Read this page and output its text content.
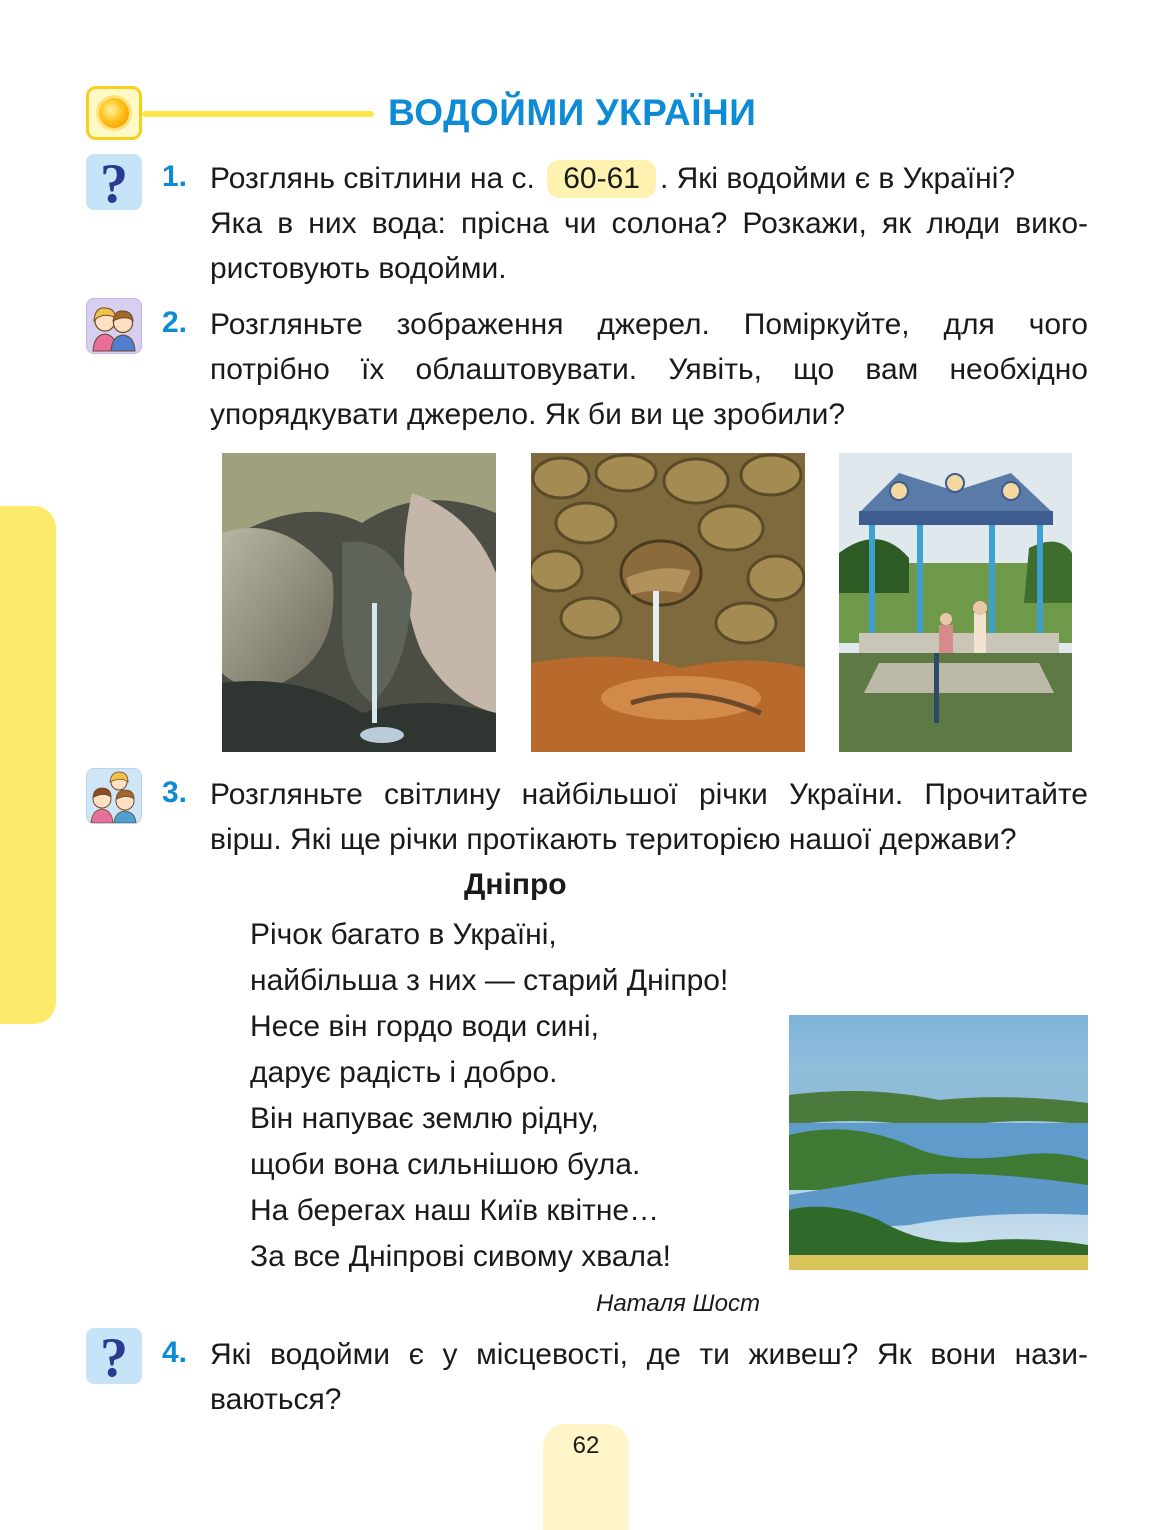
ВОДОЙМИ УКРАЇНИ
?	1. Розглянь світлини на с. 60-61 . Які водойми є в Україні?
Яка в них вода: прісна чи солона? Розкажи, як люди вико-
ристовують водойми.
2. Розгляньте зображення джерел. Поміркуйте, для чого
потрібно їх облаштовувати. Уявіть, що вам необхідно
упорядкувати джерело. Як би ви це зробили?
3. Розгляньте світлину найбільшої річки України. Прочитайте
вірш. Які ще річки протікають територією нашої держави?
Дніпро
Річок багато в Україні,
найбільша з них — старий Дніпро!
Несе він гордо води сині,
дарує радість і добро.
Він напуває землю рідну,
щоби вона сильнішою була.
На берегах наш Київ квітне…
За все Дніпрові сивому хвала!
Наталя Шост
?	4. Які водойми є у місцевості, де ти живеш? Як вони нази-
ваються?
62
